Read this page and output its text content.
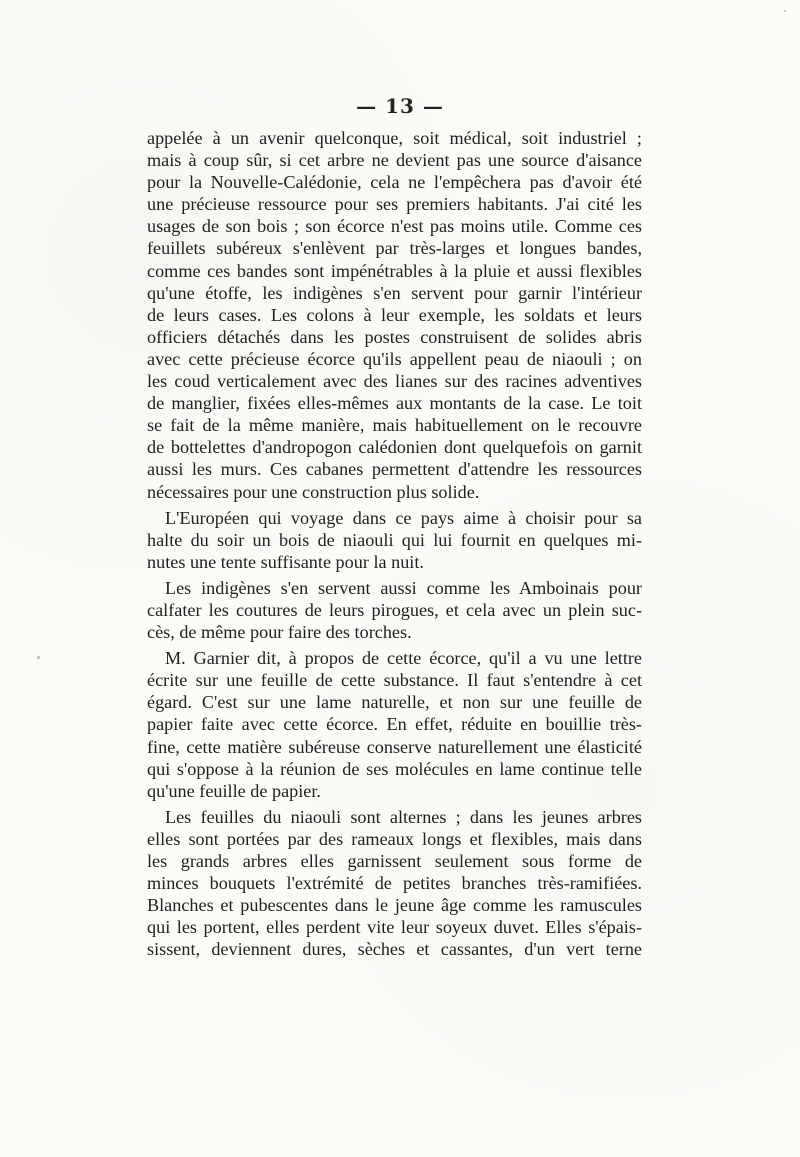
— 13 —
appelée à un avenir quelconque, soit médical, soit industriel ;
mais à coup sûr, si cet arbre ne devient pas une source d'aisance
pour la Nouvelle-Calédonie, cela ne l'empêchera pas d'avoir été
une précieuse ressource pour ses premiers habitants. J'ai cité les
usages de son bois ; son écorce n'est pas moins utile. Comme ces
feuillets subéreux s'enlèvent par très-larges et longues bandes,
comme ces bandes sont impénétrables à la pluie et aussi flexibles
qu'une étoffe, les indigènes s'en servent pour garnir l'intérieur
de leurs cases. Les colons à leur exemple, les soldats et leurs
officiers détachés dans les postes construisent de solides abris
avec cette précieuse écorce qu'ils appellent peau de niaouli ; on
les coud verticalement avec des lianes sur des racines adventives
de manglier, fixées elles-mêmes aux montants de la case. Le toit
se fait de la même manière, mais habituellement on le recouvre
de bottelettes d'andropogon calédonien dont quelquefois on garnit
aussi les murs. Ces cabanes permettent d'attendre les ressources
nécessaires pour une construction plus solide.
L'Européen qui voyage dans ce pays aime à choisir pour sa
halte du soir un bois de niaouli qui lui fournit en quelques mi-
nutes une tente suffisante pour la nuit.
Les indigènes s'en servent aussi comme les Amboinais pour
calfater les coutures de leurs pirogues, et cela avec un plein suc-
cès, de même pour faire des torches.
M. Garnier dit, à propos de cette écorce, qu'il a vu une lettre
écrite sur une feuille de cette substance. Il faut s'entendre à cet
égard. C'est sur une lame naturelle, et non sur une feuille de
papier faite avec cette écorce. En effet, réduite en bouillie très-
fine, cette matière subéreuse conserve naturellement une élasticité
qui s'oppose à la réunion de ses molécules en lame continue telle
qu'une feuille de papier.
Les feuilles du niaouli sont alternes ; dans les jeunes arbres
elles sont portées par des rameaux longs et flexibles, mais dans
les grands arbres elles garnissent seulement sous forme de
minces bouquets l'extrémité de petites branches très-ramifiées.
Blanches et pubescentes dans le jeune âge comme les ramuscules
qui les portent, elles perdent vite leur soyeux duvet. Elles s'épais-
sissent, deviennent dures, sèches et cassantes, d'un vert terne
